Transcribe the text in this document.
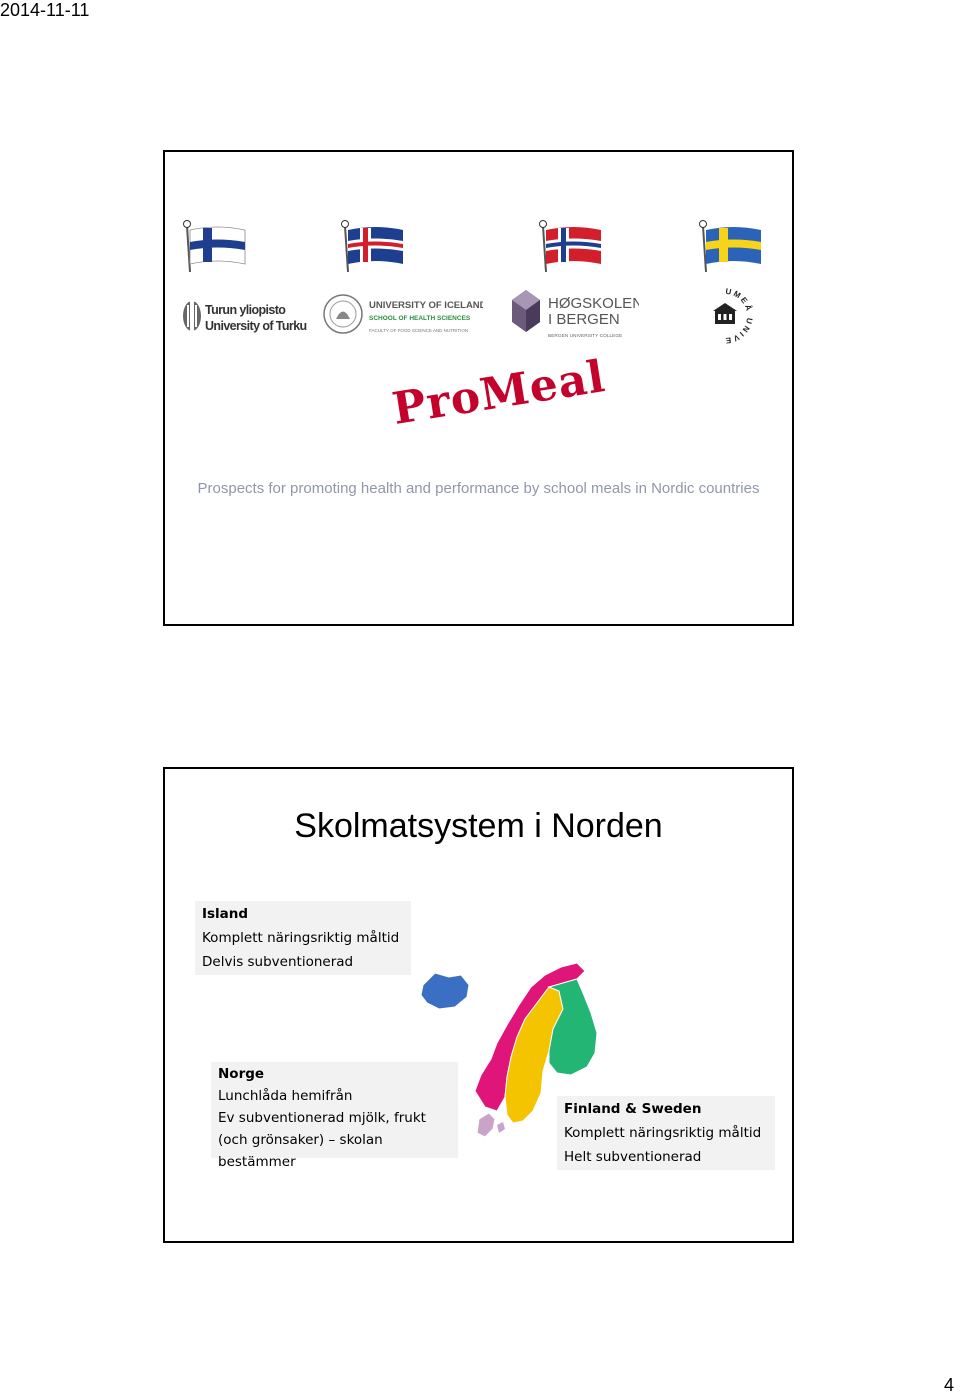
2014-11-11
Turun yliopisto
University of Turku
UNIVERSITY OF ICELAND
SCHOOL OF HEALTH SCIENCES
FACULTY OF FOOD SCIENCE AND NUTRITION
HØGSKOLEN
I BERGEN
BERGEN UNIVERSITY COLLEGE
UMEÅ UNIVE
ProMeal

Prospects for promoting health and performance by school meals in Nordic countries

Skolmatsystem i Norden
Island
Komplett näringsriktig måltid
Delvis subventionerad
Norge
Lunchlåda hemifrån
Ev subventionerad mjölk, frukt (och grönsaker) – skolan bestämmer
Finland & Sweden
Komplett näringsriktig måltid
Helt subventionerad
4
